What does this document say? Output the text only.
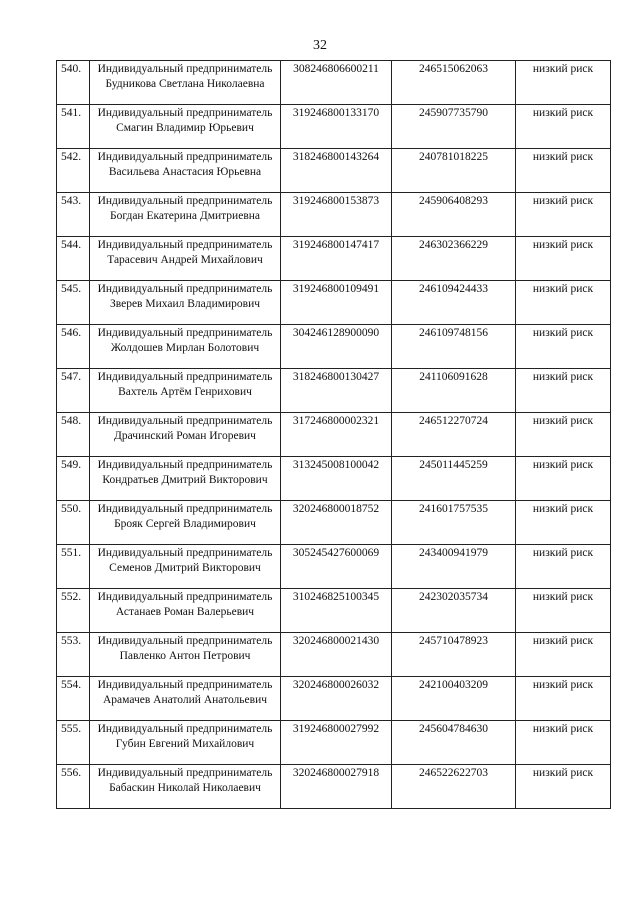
32
540.	Индивидуальный предприниматель Будникова Светлана Николаевна	308246806600211	246515062063	низкий риск
541.	Индивидуальный предприниматель Смагин Владимир Юрьевич	319246800133170	245907735790	низкий риск
542.	Индивидуальный предприниматель Васильева Анастасия Юрьевна	318246800143264	240781018225	низкий риск
543.	Индивидуальный предприниматель Богдан Екатерина Дмитриевна	319246800153873	245906408293	низкий риск
544.	Индивидуальный предприниматель Тарасевич Андрей Михайлович	319246800147417	246302366229	низкий риск
545.	Индивидуальный предприниматель Зверев Михаил Владимирович	319246800109491	246109424433	низкий риск
546.	Индивидуальный предприниматель Жолдошев Мирлан Болотович	304246128900090	246109748156	низкий риск
547.	Индивидуальный предприниматель Вахтель Артём Генрихович	318246800130427	241106091628	низкий риск
548.	Индивидуальный предприниматель Драчинский Роман Игоревич	317246800002321	246512270724	низкий риск
549.	Индивидуальный предприниматель Кондратьев Дмитрий Викторович	313245008100042	245011445259	низкий риск
550.	Индивидуальный предприниматель Брояк Сергей Владимирович	320246800018752	241601757535	низкий риск
551.	Индивидуальный предприниматель Семенов Дмитрий Викторович	305245427600069	243400941979	низкий риск
552.	Индивидуальный предприниматель Астанаев Роман Валерьевич	310246825100345	242302035734	низкий риск
553.	Индивидуальный предприниматель Павленко Антон Петрович	320246800021430	245710478923	низкий риск
554.	Индивидуальный предприниматель Арамачев Анатолий Анатольевич	320246800026032	242100403209	низкий риск
555.	Индивидуальный предприниматель Губин Евгений Михайлович	319246800027992	245604784630	низкий риск
556.	Индивидуальный предприниматель Бабаскин Николай Николаевич	320246800027918	246522622703	низкий риск
